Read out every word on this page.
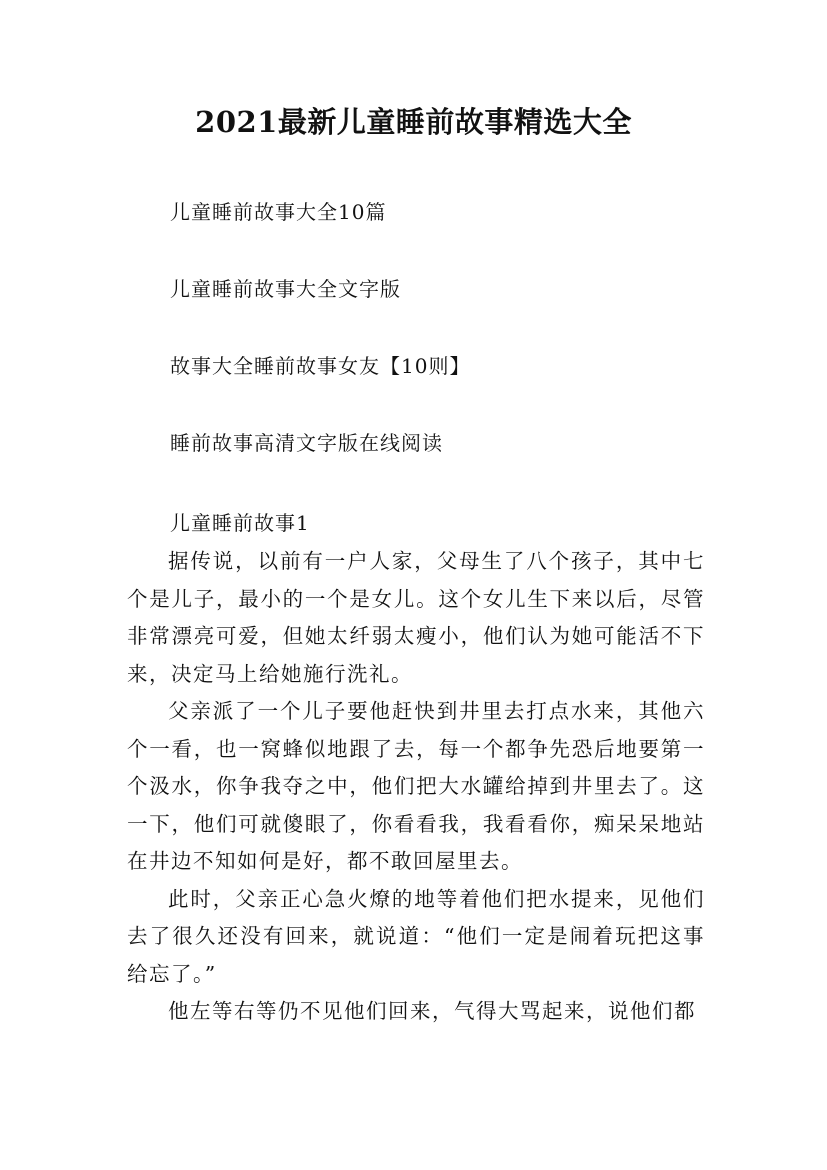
2021最新儿童睡前故事精选大全
儿童睡前故事大全10篇
儿童睡前故事大全文字版
故事大全睡前故事女友【10则】
睡前故事高清文字版在线阅读
儿童睡前故事1

据传说，以前有一户人家，父母生了八个孩子，其中七个是儿子，最小的一个是女儿。这个女儿生下来以后，尽管非常漂亮可爱，但她太纤弱太瘦小，他们认为她可能活不下来，决定马上给她施行洗礼。

父亲派了一个儿子要他赶快到井里去打点水来，其他六个一看，也一窝蜂似地跟了去，每一个都争先恐后地要第一个汲水，你争我夺之中，他们把大水罐给掉到井里去了。这一下，他们可就傻眼了，你看看我，我看看你，痴呆呆地站在井边不知如何是好，都不敢回屋里去。

此时，父亲正心急火燎的地等着他们把水提来，见他们去了很久还没有回来，就说道：“他们一定是闹着玩把这事给忘了。”

他左等右等仍不见他们回来，气得大骂起来，说他们都
